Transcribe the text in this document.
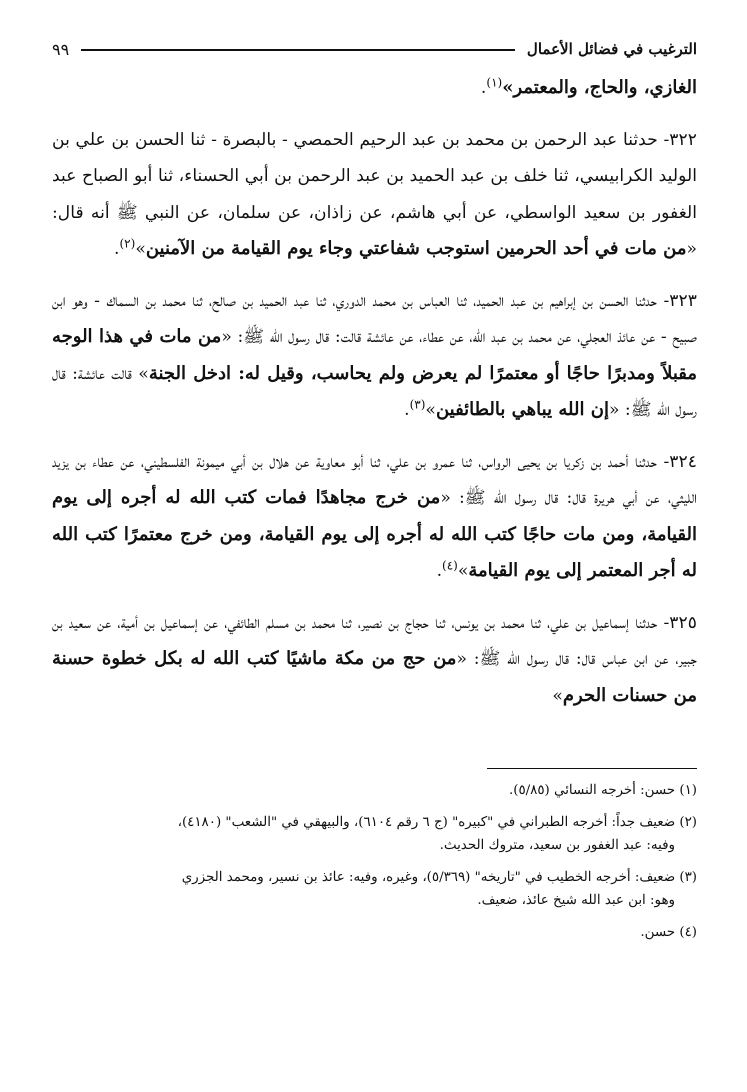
الترغيب في فضائل الأعمال
٩٩

الغازي، والحاج، والمعتمر»$^{(١)}$.

٣٢٢- حدثنا عبد الرحمن بن محمد بن عبد الرحيم الحمصي - بالبصرة - ثنا الحسن بن علي بن الوليد الكرابيسي، ثنا خلف بن عبد الحميد بن عبد الرحمن بن أبي الحسناء، ثنا أبو الصباح عبد الغفور بن سعيد الواسطي، عن أبي هاشم، عن زاذان، عن سلمان، عن النبي ﷺ أنه قال: «من مات في أحد الحرمين استوجب شفاعتي وجاء يوم القيامة من الآمنين»$^{(٢)}$.

٣٢٣- حدثنا الحسن بن إبراهيم بن عبد الحميد، ثنا العباس بن محمد الدوري، ثنا عبد الحميد بن صالح، ثنا محمد بن السماك - وهو ابن صبيح - عن عائذ العجلي، عن محمد بن عبد الله، عن عطاء، عن عائشة قالت: قال رسول الله ﷺ: «من مات في هذا الوجه مقبلاً ومدبرًا حاجًا أو معتمرًا لم يعرض ولم يحاسب، وقيل له: ادخل الجنة» قالت عائشة: قال رسول الله ﷺ: «إن الله يباهي بالطائفين»$^{(٣)}$.

٣٢٤- حدثنا أحمد بن زكريا بن يحيى الرواس، ثنا عمرو بن علي، ثنا أبو معاوية عن هلال بن أبي ميمونة الفلسطيني، عن عطاء بن يزيد الليثي، عن أبي هريرة قال: قال رسول الله ﷺ: «من خرج مجاهدًا فمات كتب الله له أجره إلى يوم القيامة، ومن مات حاجًا كتب الله له أجره إلى يوم القيامة، ومن خرج معتمرًا كتب الله له أجر المعتمر إلى يوم القيامة»$^{(٤)}$.

٣٢٥- حدثنا إسماعيل بن علي، ثنا محمد بن يونس، ثنا حجاج بن نصير، ثنا محمد بن مسلم الطائفي، عن إسماعيل بن أمية، عن سعيد بن جبير، عن ابن عباس قال: قال رسول الله ﷺ: «من حج من مكة ماشيًا كتب الله له بكل خطوة حسنة من حسنات الحرم»

(١) حسن: أخرجه النسائي (٥/٨٥).
(٢) ضعيف جداً: أخرجه الطبراني في "كبيره" (ج ٦ رقم ٦١٠٤)، والبيهقي في "الشعب" (٤١٨٠)،
وفيه: عبد الغفور بن سعيد، متروك الحديث.
(٣) ضعيف: أخرجه الخطيب في "تاريخه" (٥/٣٦٩)، وغيره، وفيه: عائذ بن نسير، ومحمد الجزري
وهو: ابن عبد الله شيخ عائذ، ضعيف.
(٤) حسن.
